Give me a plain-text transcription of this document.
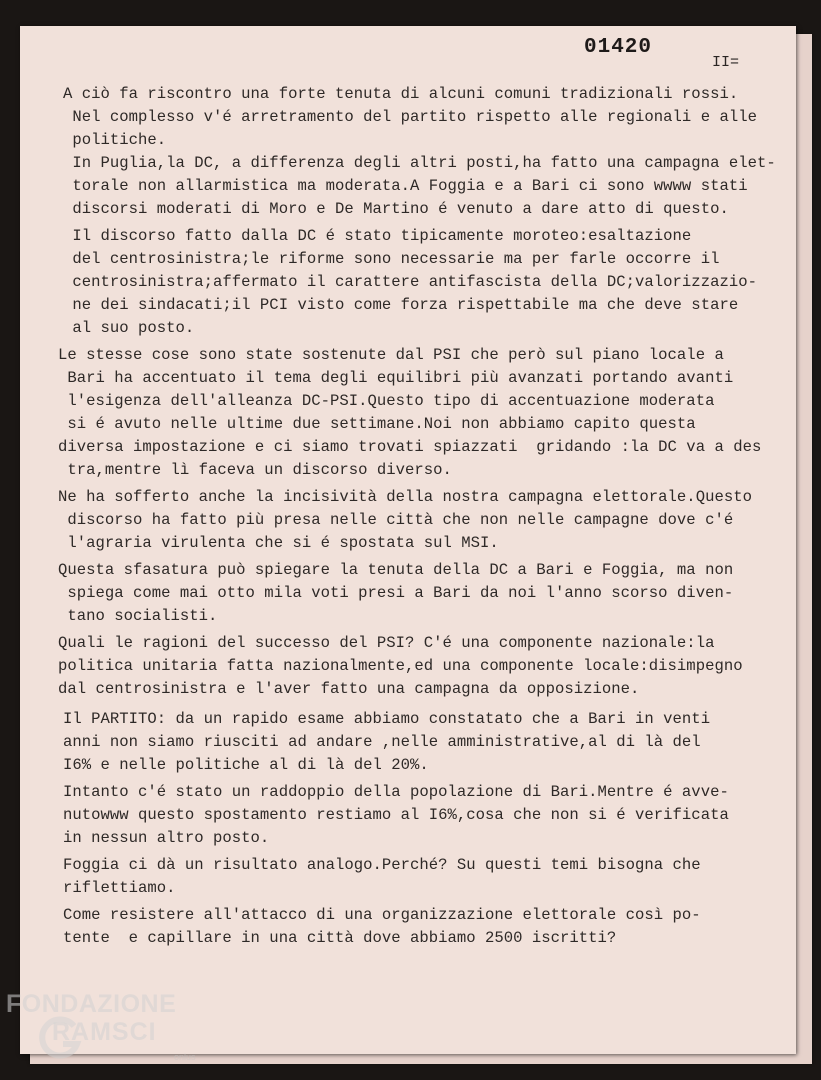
01420
II=
A ciò fa riscontro una forte tenuta di alcuni comuni tradizionali rossi.
Nel complesso v'é arretramento del partito rispetto alle regionali e alle
politiche.
In Puglia,la DC, a differenza degli altri posti,ha fatto una campagna elet-
torale non allarmistica ma moderata.A Foggia e a Bari ci sono wwww stati
discorsi moderati di Moro e De Martino é venuto a dare atto di questo.
Il discorso fatto dalla DC é stato tipicamente moroteo:esaltazione
del centrosinistra;le riforme sono necessarie ma per farle occorre il
centrosinistra;affermato il carattere antifascista della DC;valorizzazio-
ne dei sindacati;il PCI visto come forza rispettabile ma che deve stare
al suo posto.
Le stesse cose sono state sostenute dal PSI che però sul piano locale a
Bari ha accentuato il tema degli equilibri più avanzati portando avanti
l'esigenza dell'alleanza DC-PSI.Questo tipo di accentuazione moderata
si é avuto nelle ultime due settimane.Noi non abbiamo capito questa
diversa impostazione e ci siamo trovati spiazzati  gridando :la DC va a des
tra,mentre lì faceva un discorso diverso.
Ne ha sofferto anche la incisività della nostra campagna elettorale.Questo
discorso ha fatto più presa nelle città che non nelle campagne dove c'é
l'agraria virulenta che si é spostata sul MSI.
Questa sfasatura può spiegare la tenuta della DC a Bari e Foggia, ma non
spiega come mai otto mila voti presi a Bari da noi l'anno scorso diven-
tano socialisti.
Quali le ragioni del successo del PSI? C'é una componente nazionale:la
politica unitaria fatta nazionalmente,ed una componente locale:disimpegno
dal centrosinistra e l'aver fatto una campagna da opposizione.
Il PARTITO: da un rapido esame abbiamo constatato che a Bari in venti
anni non siamo riusciti ad andare ,nelle amministrative,al di là del
I6% e nelle politiche al di là del 20%.
Intanto c'é stato un raddoppio della popolazione di Bari.Mentre é avve-
nutowww questo spostamento restiamo al I6%,cosa che non si é verificata
in nessun altro posto.
Foggia ci dà un risultato analogo.Perché? Su questi temi bisogna che
riflettiamo.
Come resistere all'attacco di una organizzazione elettorale così po-
tente  e capillare in una città dove abbiamo 2500 iscritti?
FONDAZIONE
RAMSCI
onlus
